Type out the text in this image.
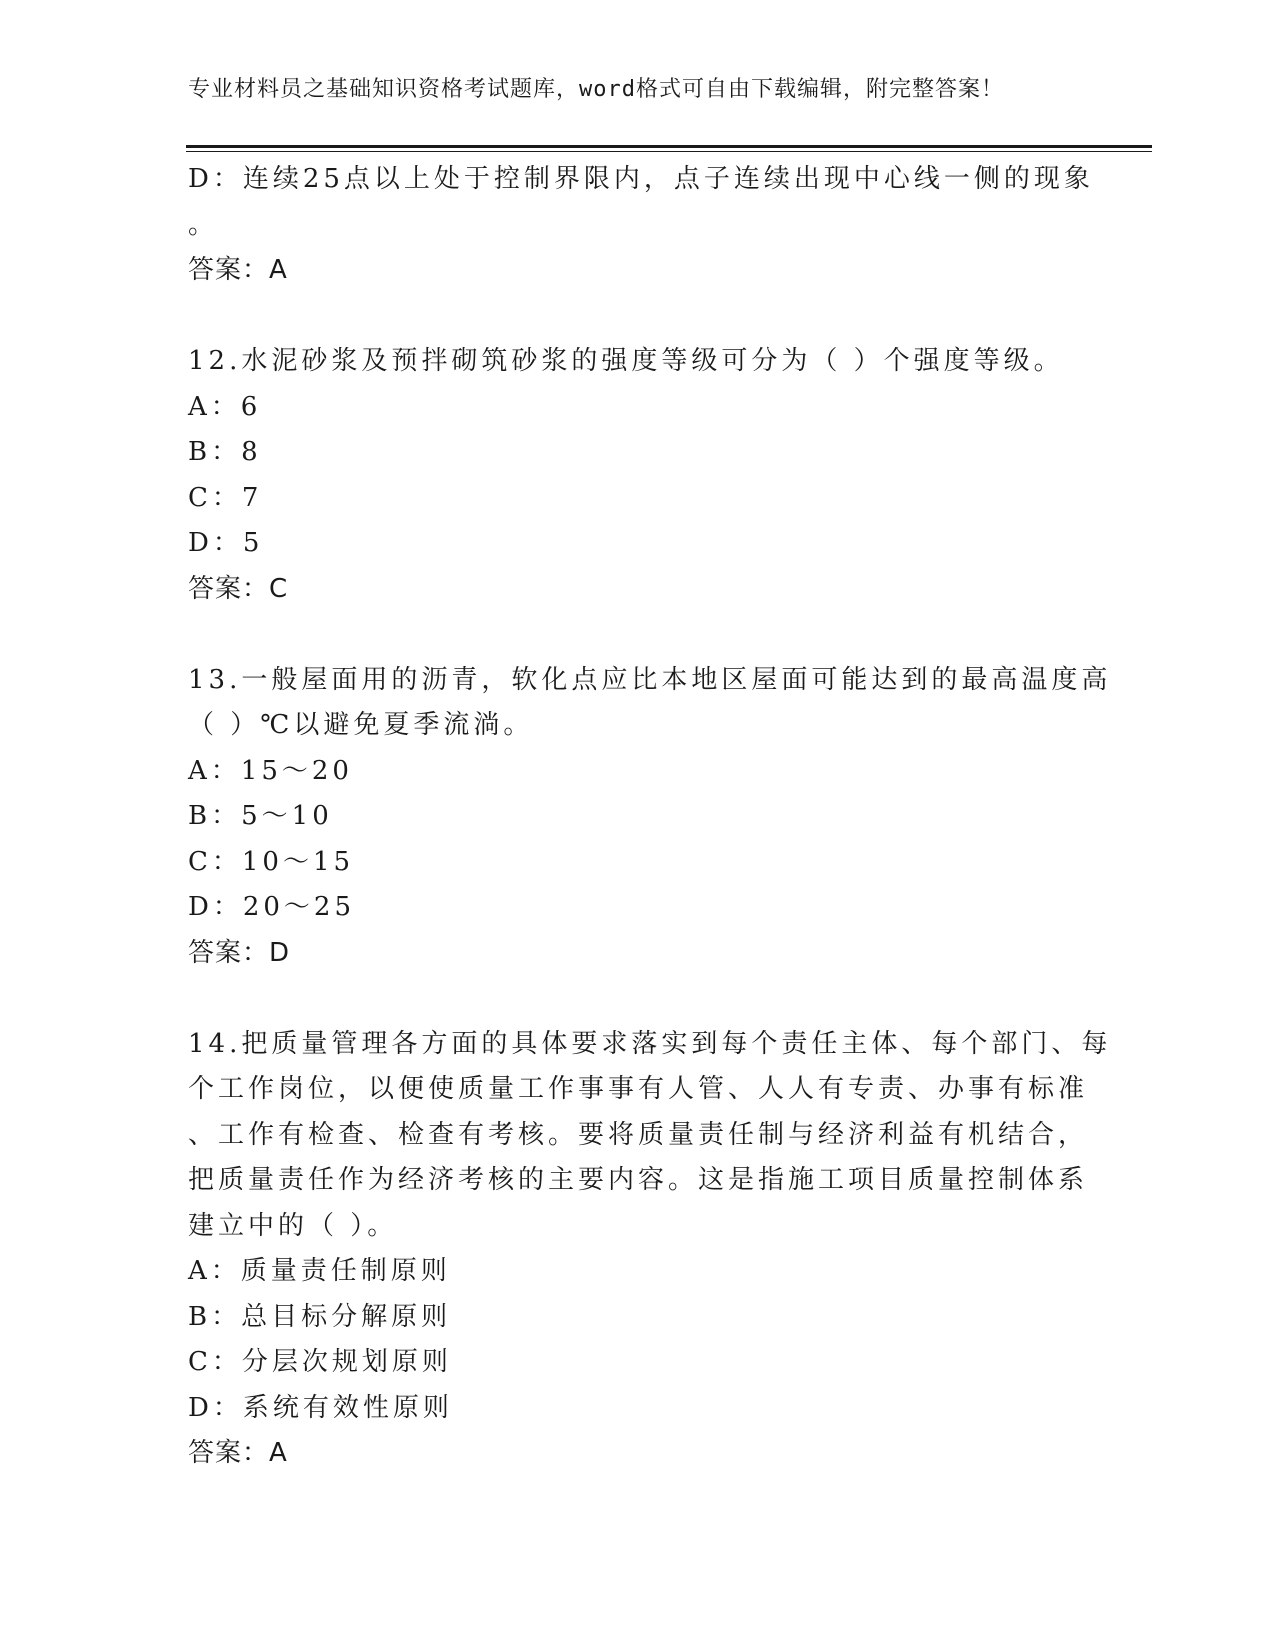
专业材料员之基础知识资格考试题库，word格式可自由下载编辑，附完整答案！
D：连续25点以上处于控制界限内，点子连续出现中心线一侧的现象
。
答案：A
12.水泥砂浆及预拌砌筑砂浆的强度等级可分为（ ）个强度等级。
A：6
B：8
C：7
D：5
答案：C
13.一般屋面用的沥青，软化点应比本地区屋面可能达到的最高温度高
（ ）℃以避免夏季流淌。
A：15～20
B：5～10
C：10～15
D：20～25
答案：D
14.把质量管理各方面的具体要求落实到每个责任主体、每个部门、每
个工作岗位，以便使质量工作事事有人管、人人有专责、办事有标准
、工作有检查、检查有考核。要将质量责任制与经济利益有机结合，
把质量责任作为经济考核的主要内容。这是指施工项目质量控制体系
建立中的（ ）。
A：质量责任制原则
B：总目标分解原则
C：分层次规划原则
D：系统有效性原则
答案：A
